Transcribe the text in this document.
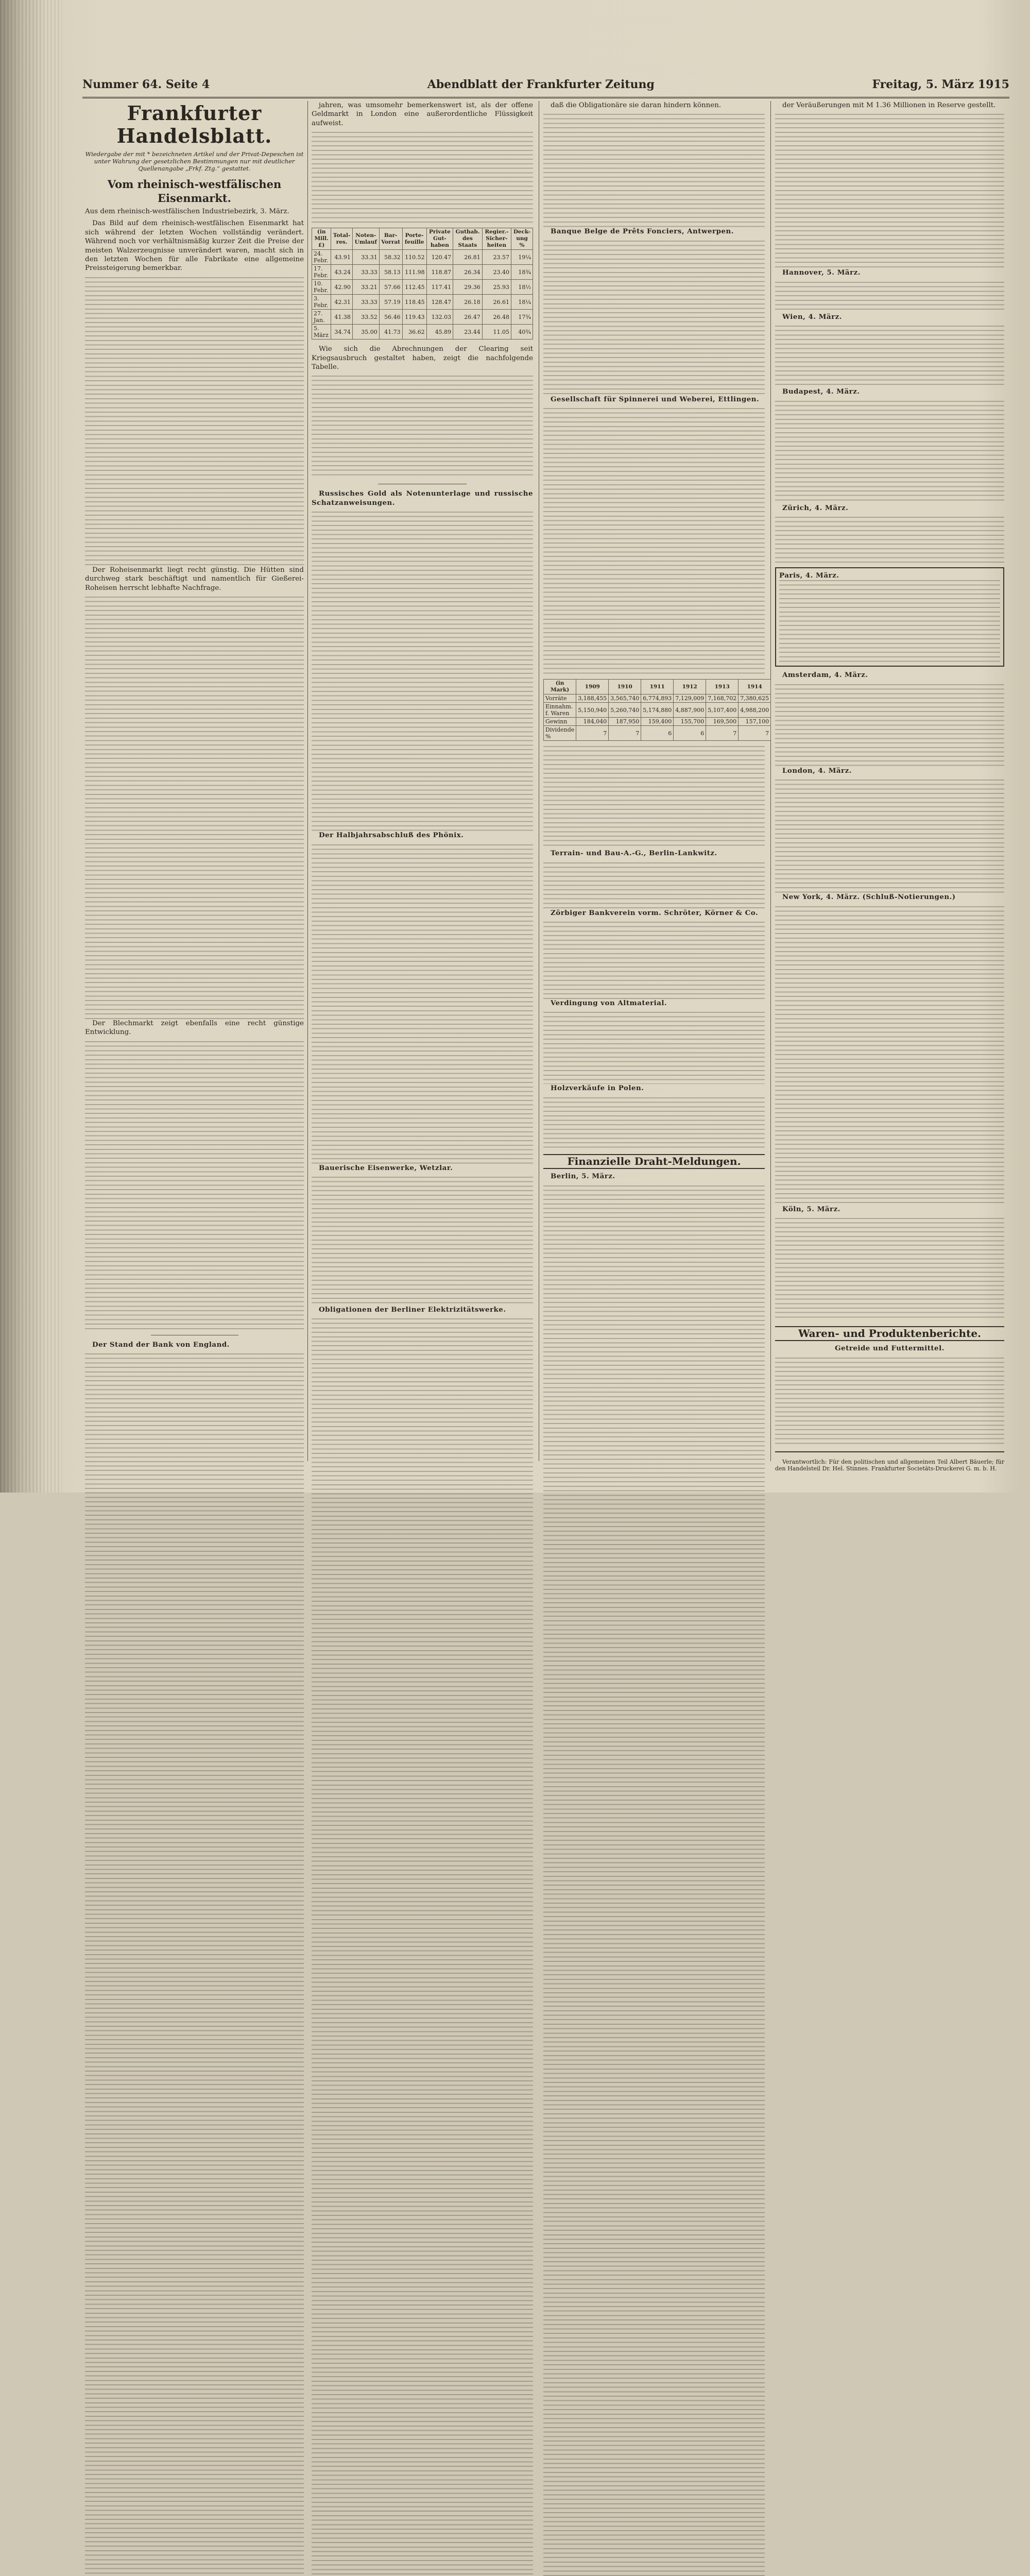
Nummer 64. Seite 4	Abendblatt der Frankfurter Zeitung	Freitag, 5. März 1915
Frankfurter Handelsblatt.
Wiedergabe der mit * bezeichneten Artikel und der Privat-Depeschen ist unter Wahrung der gesetzlichen Bestimmungen nur mit deutlicher Quellenangabe „Frkf. Ztg.“ gestattet.
Vom rheinisch-westfälischen Eisenmarkt.
Aus dem rheinisch-westfälischen Industriebezirk, 3. März.

Das Bild auf dem rheinisch-westfälischen Eisenmarkt hat sich während der letzten Wochen vollständig verändert. Während noch vor verhältnismäßig kurzer Zeit die Preise der meisten Walzerzeugnisse unverändert waren, macht sich in den letzten Wochen für alle Fabrikate eine allgemeine Preissteigerung bemerkbar.

Der Roheisenmarkt liegt recht günstig. Die Hütten sind durchweg stark beschäftigt und namentlich für Gießerei-Roheisen herrscht lebhafte Nachfrage.

Der Blechmarkt zeigt ebenfalls eine recht günstige Entwicklung.

Der Stand der Bank von England.

jahren, was umsomehr bemerkenswert ist, als der offene Geldmarkt in London eine außerordentliche Flüssigkeit aufweist.

(in Mill. £)	Total-res.	Noten-Umlauf	Bar-Vorrat	Porte-feuille	Private Gut-haben	Guthab. des Staats	Regier.-Sicher-heiten	Deck-ung %
24. Febr.	43.91	33.31	58.32	110.52	120.47	26.81	23.57	19¼
17. Febr.	43.24	33.33	58.13	111.98	118.87	26.34	23.40	18¾
10. Febr.	42.90	33.21	57.66	112.45	117.41	29.36	25.93	18½
3. Febr.	42.31	33.33	57.19	118.45	128.47	26.18	26.61	18¼
27. Jan.	41.38	33.52	56.46	119.43	132.03	26.47	26.48	17¾
5. März	34.74	35.00	41.73	36.62	45.89	23.44	11.05	40¾

Wie sich die Abrechnungen der Clearing seit Kriegsausbruch gestaltet haben, zeigt die nachfolgende Tabelle.

Russisches Gold als Notenunterlage und russische Schatzanweisungen.

Der Halbjahrsabschluß des Phönix.

Bauerische Eisenwerke, Wetzlar.

Obligationen der Berliner Elektrizitätswerke.

daß die Obligationäre sie daran hindern können.

Banque Belge de Prêts Fonciers, Antwerpen.

Gesellschaft für Spinnerei und Weberei, Ettlingen.

(in Mark)	1909	1910	1911	1912	1913	1914
Vorräte	3,188,455	3,565,740	6,774,893	7,129,009	7,168,702	7,380,625
Einnahm. f. Waren	5,150,940	5,260,740	5,174,880	4,887,900	5,107,400	4,988,200
Gewinn	184,040	187,950	159,400	155,700	169,500	157,100
Dividende %	7	7	6	6	7	7

Terrain- und Bau-A.-G., Berlin-Lankwitz.

Zörbiger Bankverein vorm. Schröter, Körner & Co.

Verdingung von Altmaterial.

Holzverkäufe in Polen.

Finanzielle Draht-Meldungen.

Berlin, 5. März.

der Veräußerungen mit M 1.36 Millionen in Reserve gestellt.

Hannover, 5. März.

Wien, 4. März.

Budapest, 4. März.

Zürich, 4. März.

Paris, 4. März.

Amsterdam, 4. März.

London, 4. März.

New York, 4. März. (Schluß-Notierungen.)

Köln, 5. März.

Waren- und Produktenberichte.

Getreide und Futtermittel.

Verantwortlich: Für den politischen und allgemeinen Teil Albert Bäuerle; für den Handelsteil Dr. Hel. Stinnes. Frankfurter Societäts-Druckerei G. m. b. H.
